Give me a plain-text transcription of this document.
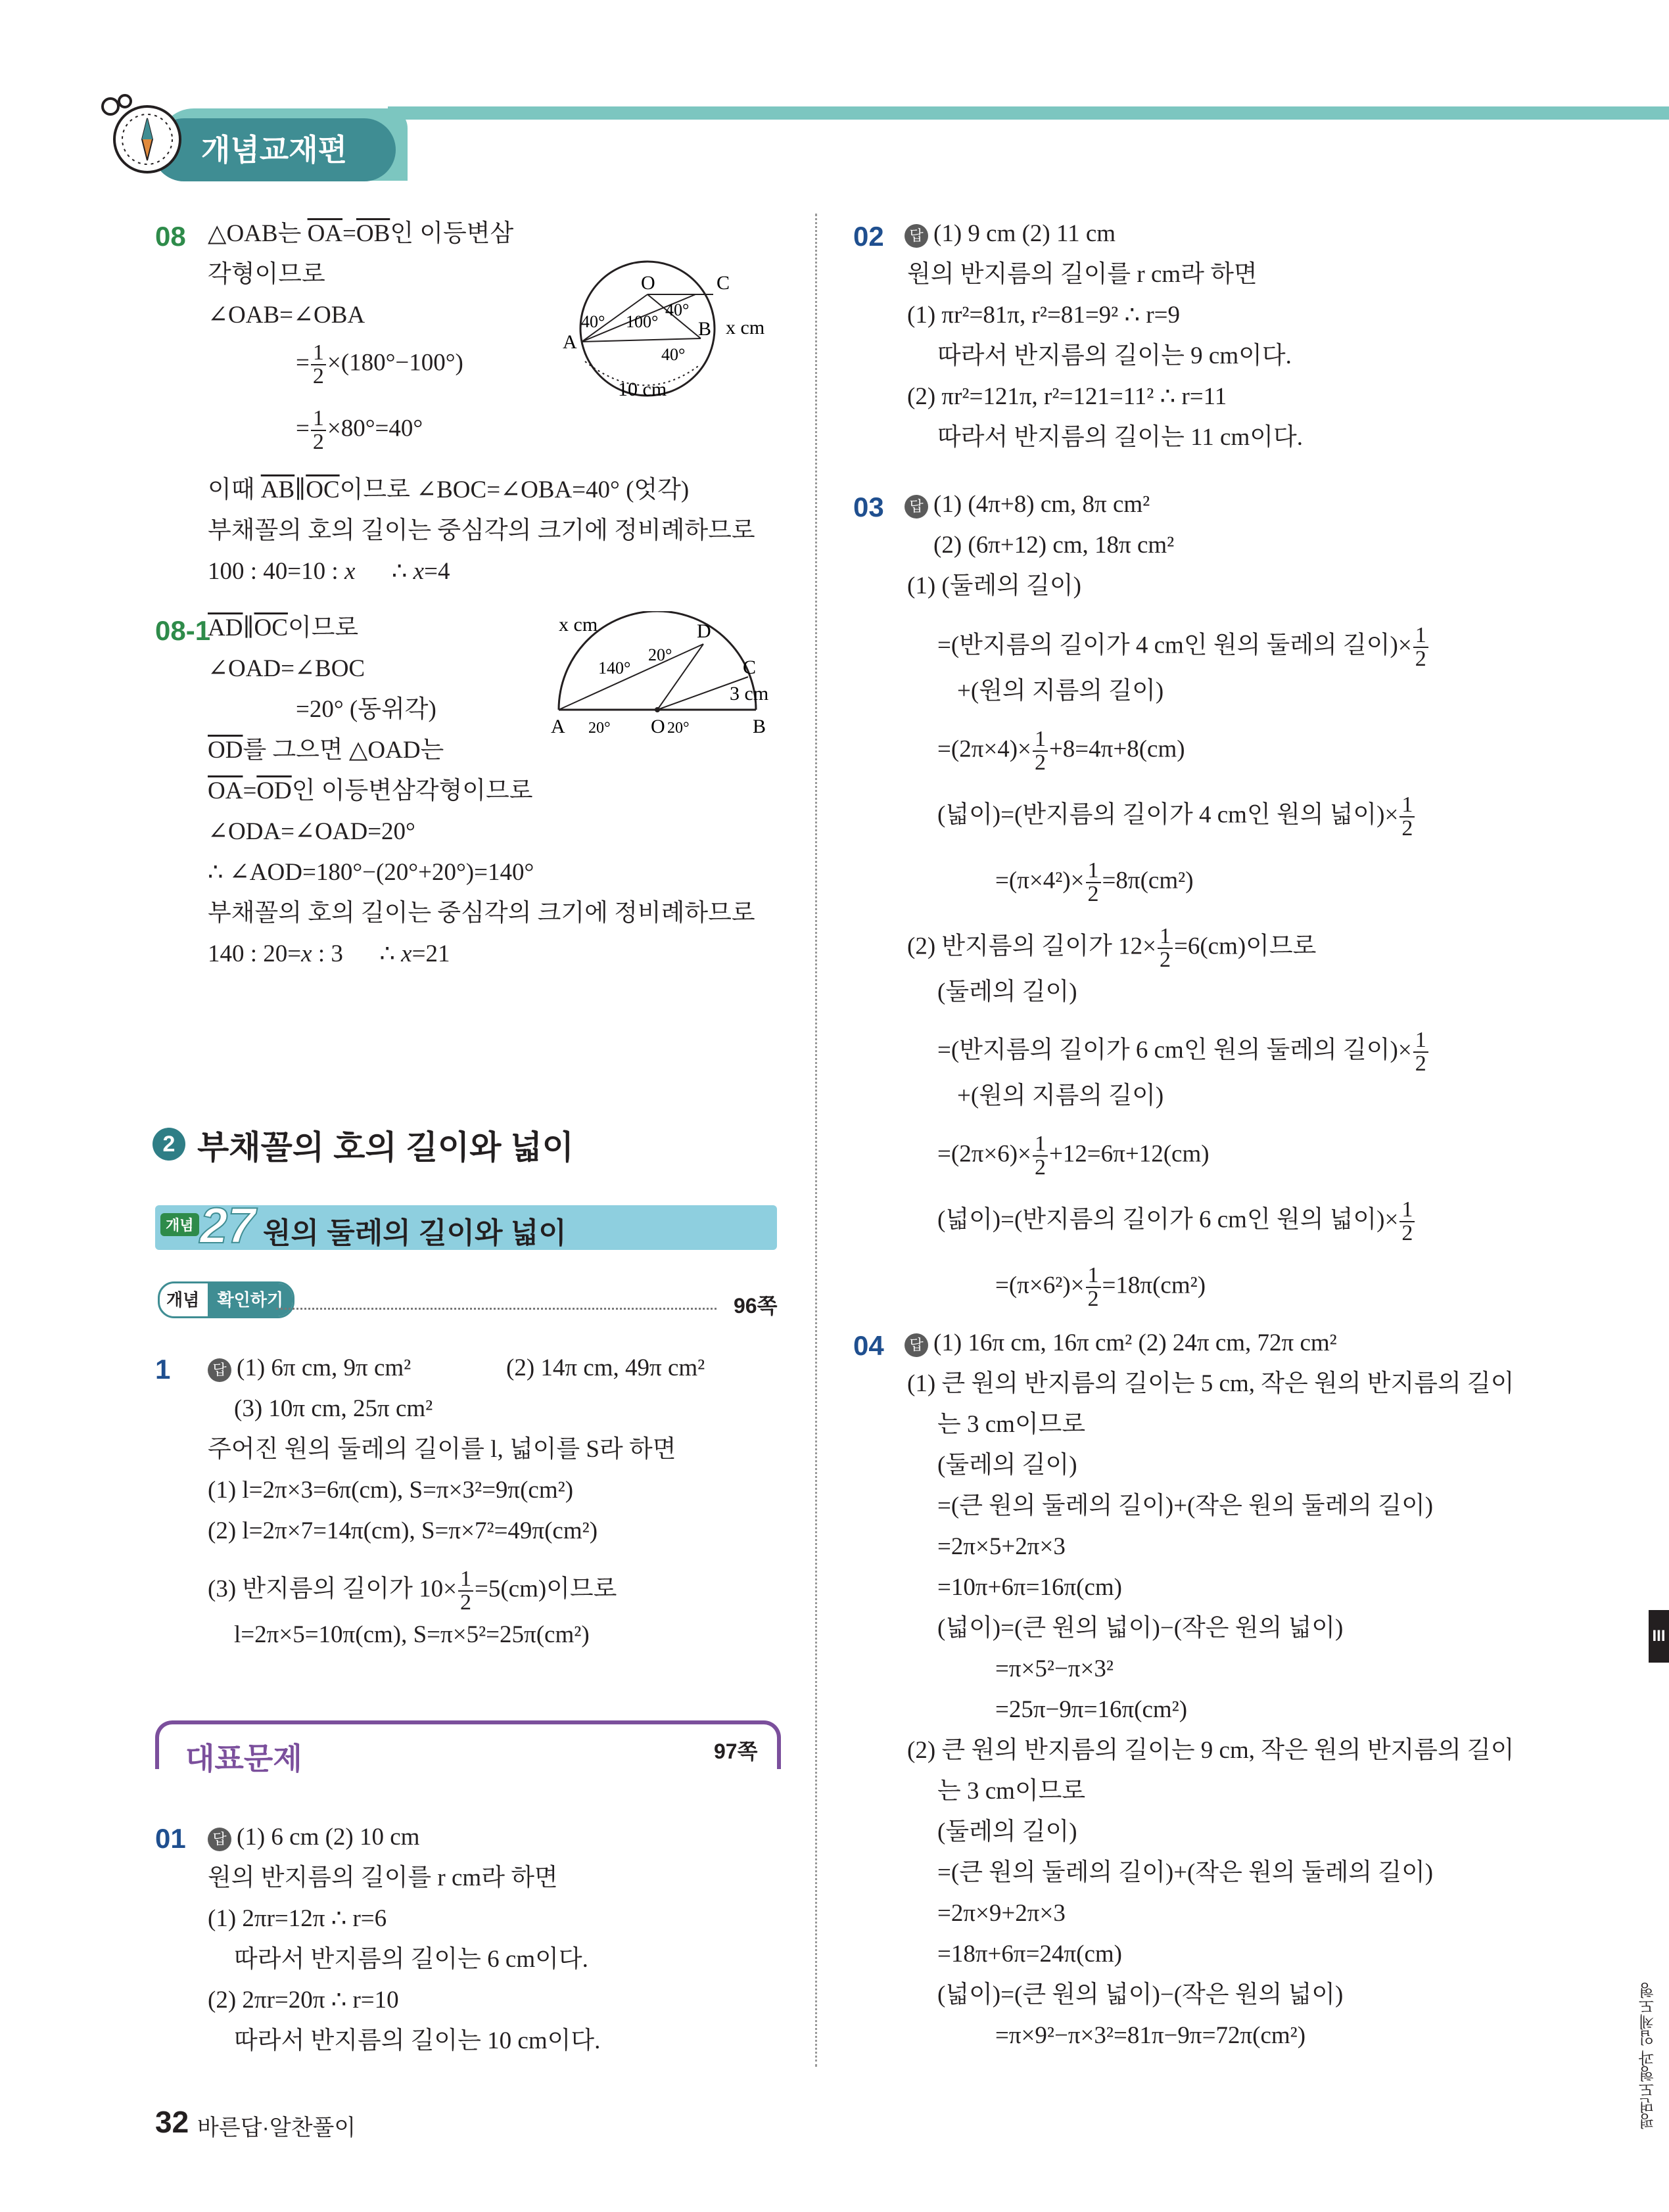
개념교재편
08 △OAB는 $\overline{OA}=\overline{OB}$인 이등변삼
각형이므로
∠OAB=∠OBA
= $\frac{1}{2} \times(180^\circ-100^\circ)$
= $\frac{1}{2} \times 80^\circ=40^\circ$
이때 $\overline{AB}\parallel\overline{OC}$이므로 ∠BOC=∠OBA=40° (엇각)
부채꼴의 호의 길이는 중심각의 크기에 정비례하므로
100 : 40=10 : x      ∴ x=4
O	C
A
B
40°
40°
100°
40°
x cm
10 cm
08-1
$\overline{AD}\parallel\overline{OC}$이므로
∠OAD=∠BOC
=20° (동위각)
$\overline{OD}$를 그으면 △OAD는
$\overline{OA}=\overline{OD}$인 이등변삼각형이므로
∠ODA=∠OAD=20°
∴ ∠AOD=180°−(20°+20°)=140°
부채꼴의 호의 길이는 중심각의 크기에 정비례하므로
140 : 20=x : 3      ∴ x=21
x cm	D
C
140°
20°
3 cm
A	O	B
20°	20°
2 부채꼴의 호의 길이와 넓이
개념 27 원의 둘레의 길이와 넓이
개념 확인하기	96쪽
1	답 (1) 6π cm, 9π cm²	(2) 14π cm, 49π cm²
(3) 10π cm, 25π cm²
주어진 원의 둘레의 길이를 l, 넓이를 S라 하면
(1) l=2π×3=6π(cm), S=π×3²=9π(cm²)
(2) l=2π×7=14π(cm), S=π×7²=49π(cm²)
(3) 반지름의 길이가 $10\times \frac{1}{2} =5(cm)$이므로
l=2π×5=10π(cm), S=π×5²=25π(cm²)
대표문제	97쪽
01	답 (1) 6 cm (2) 10 cm
원의 반지름의 길이를 r cm라 하면
(1) 2πr=12π ∴ r=6
따라서 반지름의 길이는 6 cm이다.
(2) 2πr=20π ∴ r=10
따라서 반지름의 길이는 10 cm이다.
02	답 (1) 9 cm (2) 11 cm
원의 반지름의 길이를 r cm라 하면
(1) πr²=81π, r²=81=9² ∴ r=9
따라서 반지름의 길이는 9 cm이다.
(2) πr²=121π, r²=121=11² ∴ r=11
따라서 반지름의 길이는 11 cm이다.
03	답 (1) (4π+8) cm, 8π cm²
(2) (6π+12) cm, 18π cm²
(1) (둘레의 길이)
=(반지름의 길이가 4 cm인 원의 둘레의 길이)× $\frac{1}{2}$
+(원의 지름의 길이)
$=(2\pi\times 4)\times \frac{1}{2} +8=4\pi+8(cm)$
(넓이)=(반지름의 길이가 4 cm인 원의 넓이)× $\frac{1}{2}$
$=(\pi\times 4^2)\times \frac{1}{2} =8\pi(cm^2)$
(2) 반지름의 길이가 $12\times \frac{1}{2} =6(cm)$이므로
(둘레의 길이)
=(반지름의 길이가 6 cm인 원의 둘레의 길이)× $\frac{1}{2}$
+(원의 지름의 길이)
$=(2\pi\times 6)\times \frac{1}{2} +12=6\pi+12(cm)$
(넓이)=(반지름의 길이가 6 cm인 원의 넓이)× $\frac{1}{2}$
$=(\pi\times 6^2)\times \frac{1}{2} =18\pi(cm^2)$
04	답 (1) 16π cm, 16π cm² (2) 24π cm, 72π cm²
(1) 큰 원의 반지름의 길이는 5 cm, 작은 원의 반지름의 길이
는 3 cm이므로
(둘레의 길이)
=(큰 원의 둘레의 길이)+(작은 원의 둘레의 길이)
=2π×5+2π×3
=10π+6π=16π(cm)
(넓이)=(큰 원의 넓이)−(작은 원의 넓이)
=π×5²−π×3²
=25π−9π=16π(cm²)
(2) 큰 원의 반지름의 길이는 9 cm, 작은 원의 반지름의 길이
는 3 cm이므로
(둘레의 길이)
=(큰 원의 둘레의 길이)+(작은 원의 둘레의 길이)
=2π×9+2π×3
=18π+6π=24π(cm)
(넓이)=(큰 원의 넓이)−(작은 원의 넓이)
=π×9²−π×3²=81π−9π=72π(cm²)
III
평면도형과 입체도형
32 바른답·알찬풀이
